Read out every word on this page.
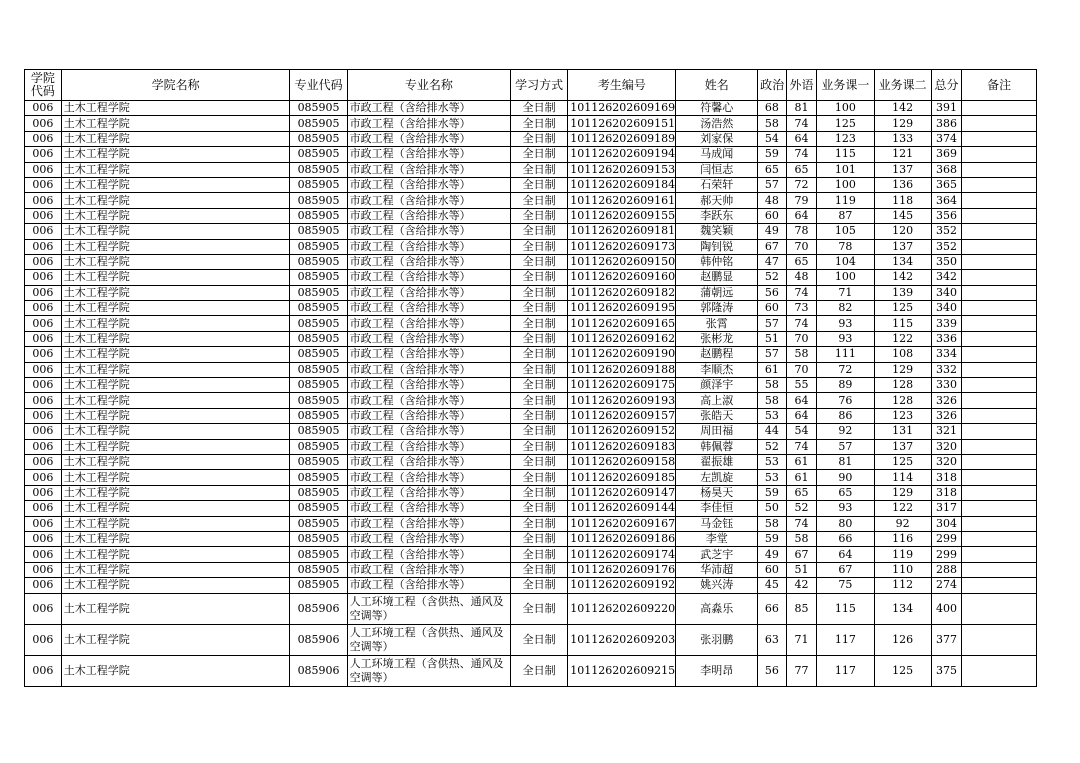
学院代码	学院名称	专业代码	专业名称	学习方式	考生编号	姓名	政治	外语	业务课一	业务课二	总分	备注
006	土木工程学院	085905	市政工程（含给排水等）	全日制	101126202609169	符馨心	68	81	100	142	391	
006	土木工程学院	085905	市政工程（含给排水等）	全日制	101126202609151	汤浩然	58	74	125	129	386	
006	土木工程学院	085905	市政工程（含给排水等）	全日制	101126202609189	刘家保	54	64	123	133	374	
006	土木工程学院	085905	市政工程（含给排水等）	全日制	101126202609194	马成闻	59	74	115	121	369	
006	土木工程学院	085905	市政工程（含给排水等）	全日制	101126202609153	闫恒志	65	65	101	137	368	
006	土木工程学院	085905	市政工程（含给排水等）	全日制	101126202609184	石荣轩	57	72	100	136	365	
006	土木工程学院	085905	市政工程（含给排水等）	全日制	101126202609161	郝天帅	48	79	119	118	364	
006	土木工程学院	085905	市政工程（含给排水等）	全日制	101126202609155	李跃东	60	64	87	145	356	
006	土木工程学院	085905	市政工程（含给排水等）	全日制	101126202609181	魏笑颖	49	78	105	120	352	
006	土木工程学院	085905	市政工程（含给排水等）	全日制	101126202609173	陶钊锐	67	70	78	137	352	
006	土木工程学院	085905	市政工程（含给排水等）	全日制	101126202609150	韩仲铭	47	65	104	134	350	
006	土木工程学院	085905	市政工程（含给排水等）	全日制	101126202609160	赵鹏显	52	48	100	142	342	
006	土木工程学院	085905	市政工程（含给排水等）	全日制	101126202609182	蒲朝远	56	74	71	139	340	
006	土木工程学院	085905	市政工程（含给排水等）	全日制	101126202609195	郭隆涛	60	73	82	125	340	
006	土木工程学院	085905	市政工程（含给排水等）	全日制	101126202609165	张霄	57	74	93	115	339	
006	土木工程学院	085905	市政工程（含给排水等）	全日制	101126202609162	张彬龙	51	70	93	122	336	
006	土木工程学院	085905	市政工程（含给排水等）	全日制	101126202609190	赵鹏程	57	58	111	108	334	
006	土木工程学院	085905	市政工程（含给排水等）	全日制	101126202609188	李顺杰	61	70	72	129	332	
006	土木工程学院	085905	市政工程（含给排水等）	全日制	101126202609175	颜泽宇	58	55	89	128	330	
006	土木工程学院	085905	市政工程（含给排水等）	全日制	101126202609193	高上淑	58	64	76	128	326	
006	土木工程学院	085905	市政工程（含给排水等）	全日制	101126202609157	张皓天	53	64	86	123	326	
006	土木工程学院	085905	市政工程（含给排水等）	全日制	101126202609152	周田福	44	54	92	131	321	
006	土木工程学院	085905	市政工程（含给排水等）	全日制	101126202609183	韩佩蓉	52	74	57	137	320	
006	土木工程学院	085905	市政工程（含给排水等）	全日制	101126202609158	翟振雄	53	61	81	125	320	
006	土木工程学院	085905	市政工程（含给排水等）	全日制	101126202609185	左凯旋	53	61	90	114	318	
006	土木工程学院	085905	市政工程（含给排水等）	全日制	101126202609147	杨昊天	59	65	65	129	318	
006	土木工程学院	085905	市政工程（含给排水等）	全日制	101126202609144	李佳恒	50	52	93	122	317	
006	土木工程学院	085905	市政工程（含给排水等）	全日制	101126202609167	马金钰	58	74	80	92	304	
006	土木工程学院	085905	市政工程（含给排水等）	全日制	101126202609186	李堂	59	58	66	116	299	
006	土木工程学院	085905	市政工程（含给排水等）	全日制	101126202609174	武芝宇	49	67	64	119	299	
006	土木工程学院	085905	市政工程（含给排水等）	全日制	101126202609176	华沛超	60	51	67	110	288	
006	土木工程学院	085905	市政工程（含给排水等）	全日制	101126202609192	姚兴涛	45	42	75	112	274	
006	土木工程学院	085906	人工环境工程（含供热、通风及空调等）	全日制	101126202609220	高淼乐	66	85	115	134	400	
006	土木工程学院	085906	人工环境工程（含供热、通风及空调等）	全日制	101126202609203	张羽鹏	63	71	117	126	377	
006	土木工程学院	085906	人工环境工程（含供热、通风及空调等）	全日制	101126202609215	李明昂	56	77	117	125	375	
